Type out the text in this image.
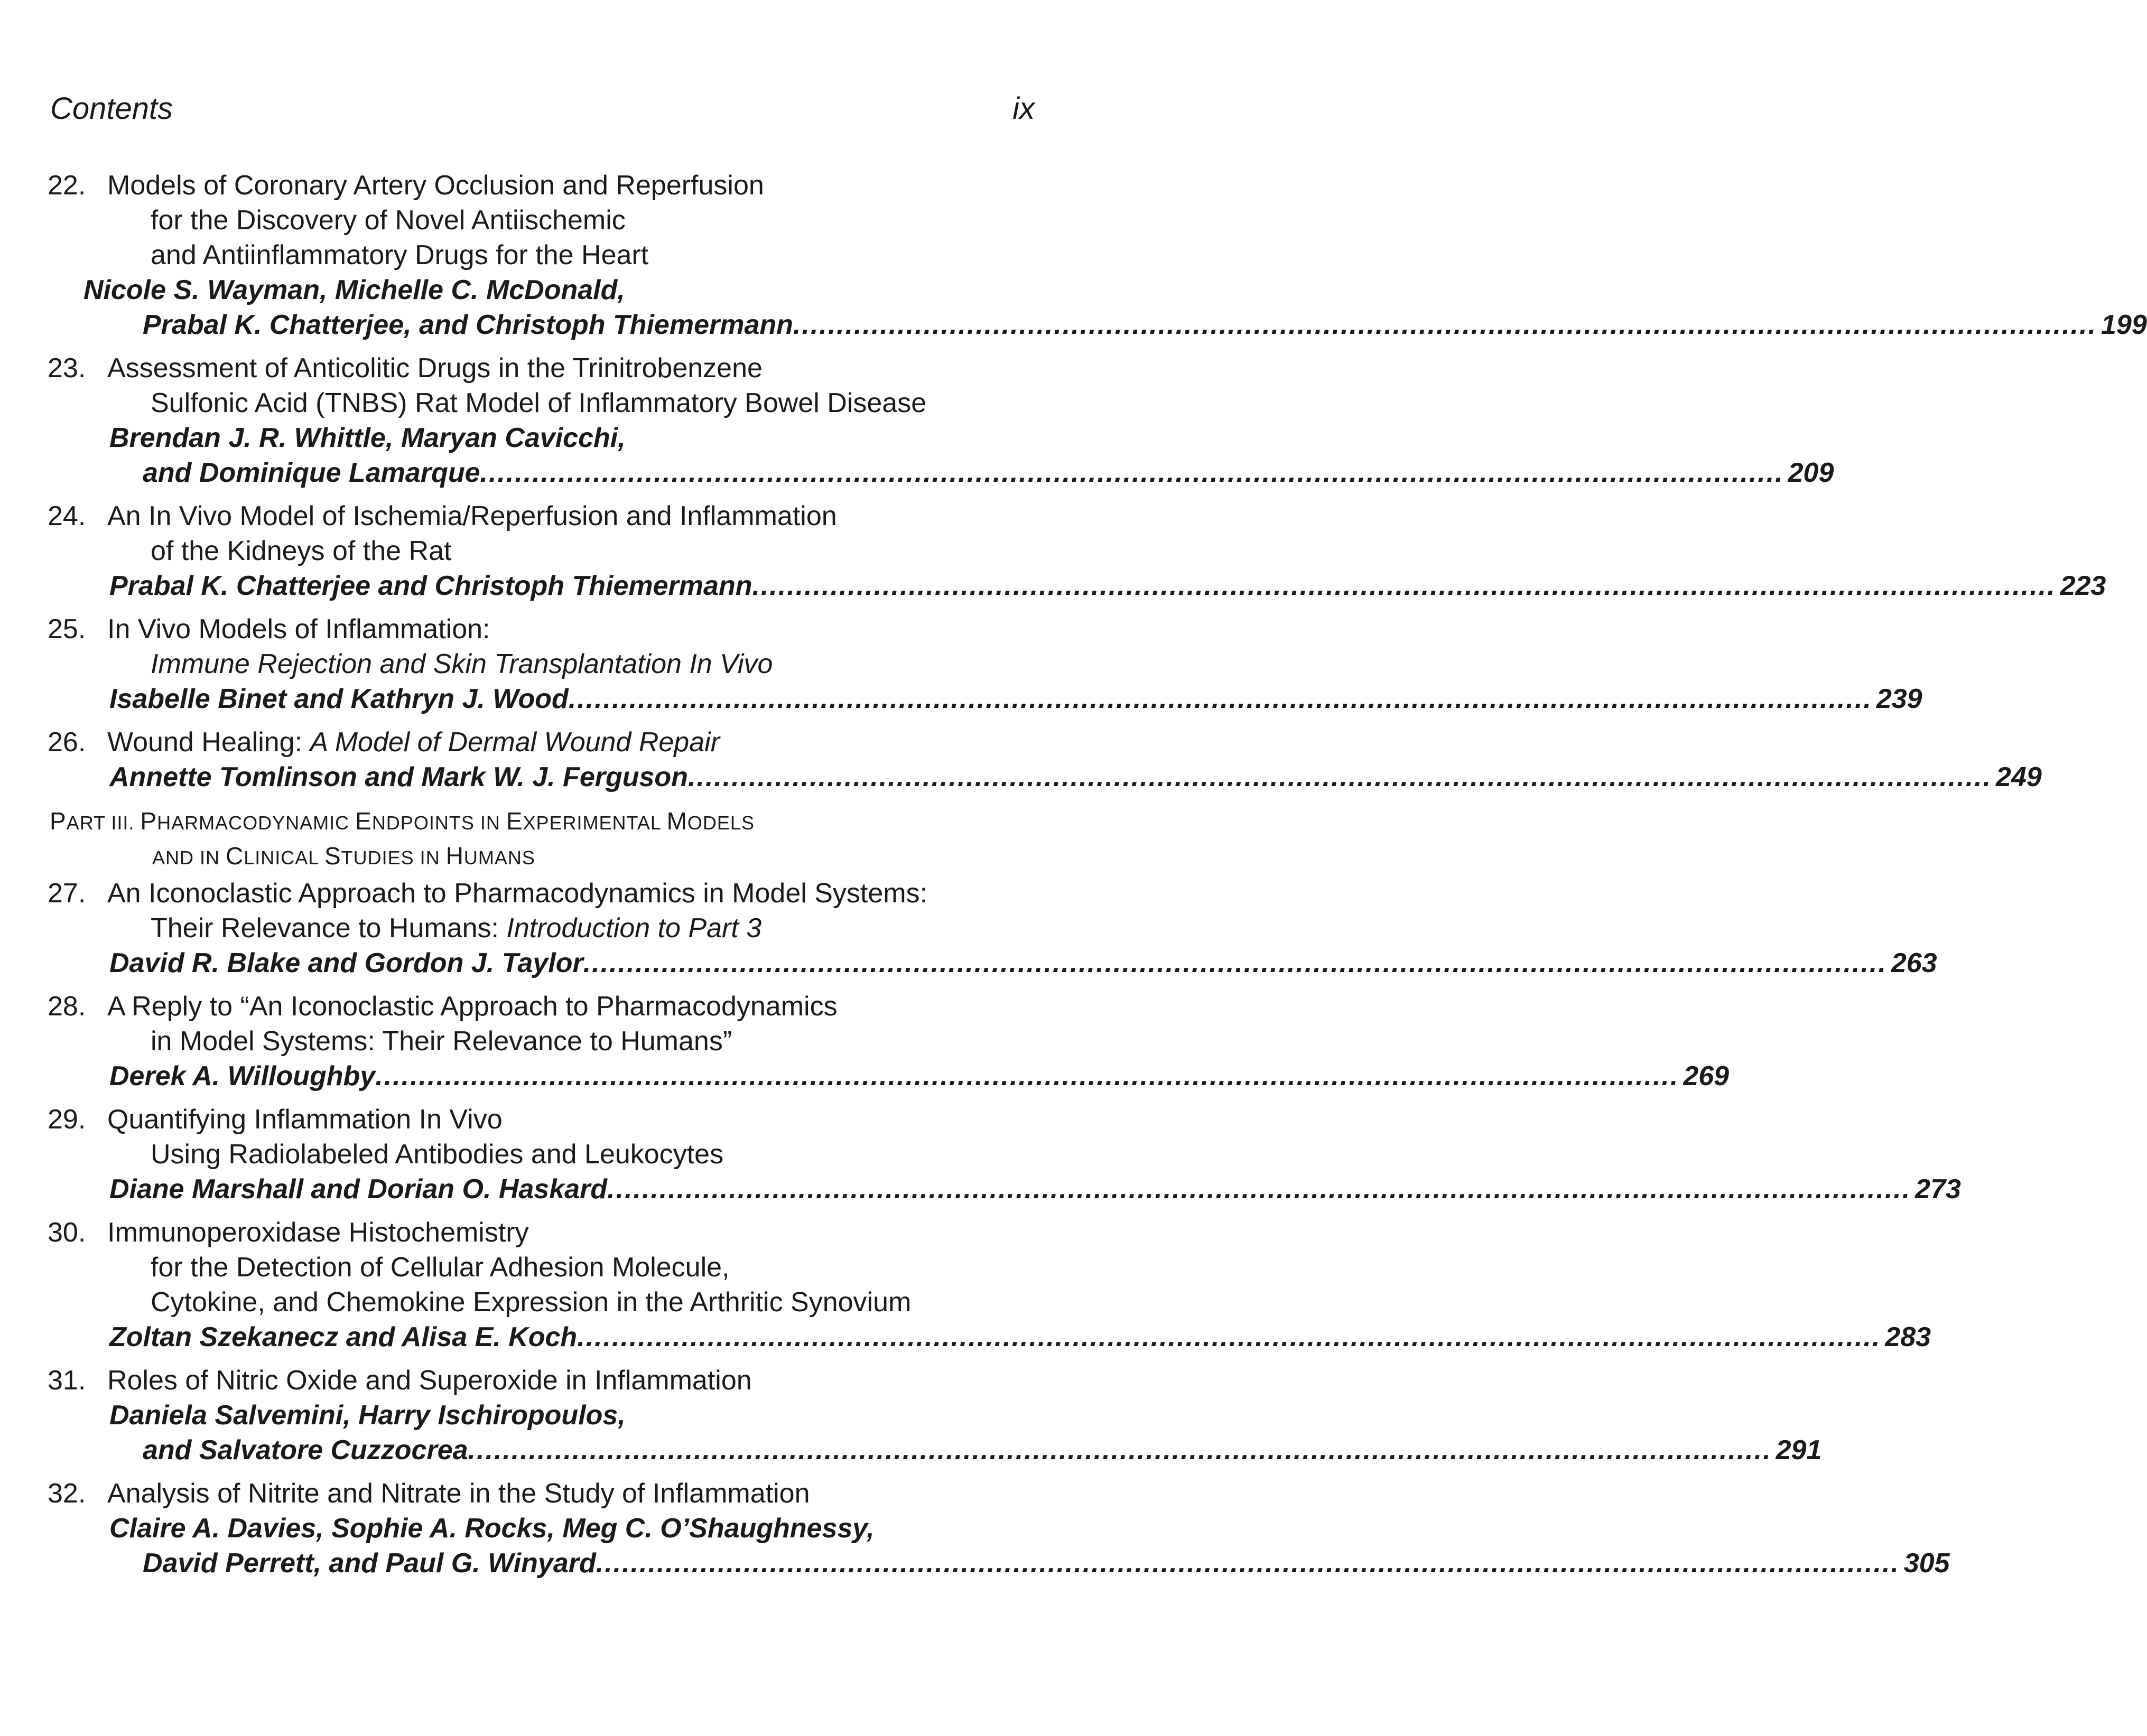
Contents	ix
22. Models of Coronary Artery Occlusion and Reperfusion
for the Discovery of Novel Antiischemic
and Antiinflammatory Drugs for the Heart
Nicole S. Wayman, Michelle C. McDonald,
Prabal K. Chatterjee, and Christoph Thiemermann ...................................................................................................................................................... 199
23. Assessment of Anticolitic Drugs in the Trinitrobenzene
Sulfonic Acid (TNBS) Rat Model of Inflammatory Bowel Disease
Brendan J. R. Whittle, Maryan Cavicchi,
and Dominique Lamarque ...................................................................................................................................................... 209
24. An In Vivo Model of Ischemia/Reperfusion and Inflammation
of the Kidneys of the Rat
Prabal K. Chatterjee and Christoph Thiemermann ...................................................................................................................................................... 223
25. In Vivo Models of Inflammation:
Immune Rejection and Skin Transplantation In Vivo
Isabelle Binet and Kathryn J. Wood ...................................................................................................................................................... 239
26. Wound Healing: A Model of Dermal Wound Repair
Annette Tomlinson and Mark W. J. Ferguson ...................................................................................................................................................... 249
PART III. PHARMACODYNAMIC ENDPOINTS IN EXPERIMENTAL MODELS
AND IN CLINICAL STUDIES IN HUMANS
27. An Iconoclastic Approach to Pharmacodynamics in Model Systems:
Their Relevance to Humans: Introduction to Part 3
David R. Blake and Gordon J. Taylor ...................................................................................................................................................... 263
28. A Reply to “An Iconoclastic Approach to Pharmacodynamics
in Model Systems: Their Relevance to Humans”
Derek A. Willoughby ...................................................................................................................................................... 269
29. Quantifying Inflammation In Vivo
Using Radiolabeled Antibodies and Leukocytes
Diane Marshall and Dorian O. Haskard ...................................................................................................................................................... 273
30. Immunoperoxidase Histochemistry
for the Detection of Cellular Adhesion Molecule,
Cytokine, and Chemokine Expression in the Arthritic Synovium
Zoltan Szekanecz and Alisa E. Koch ...................................................................................................................................................... 283
31. Roles of Nitric Oxide and Superoxide in Inflammation
Daniela Salvemini, Harry Ischiropoulos,
and Salvatore Cuzzocrea ...................................................................................................................................................... 291
32. Analysis of Nitrite and Nitrate in the Study of Inflammation
Claire A. Davies, Sophie A. Rocks, Meg C. O’Shaughnessy,
David Perrett, and Paul G. Winyard ...................................................................................................................................................... 305
